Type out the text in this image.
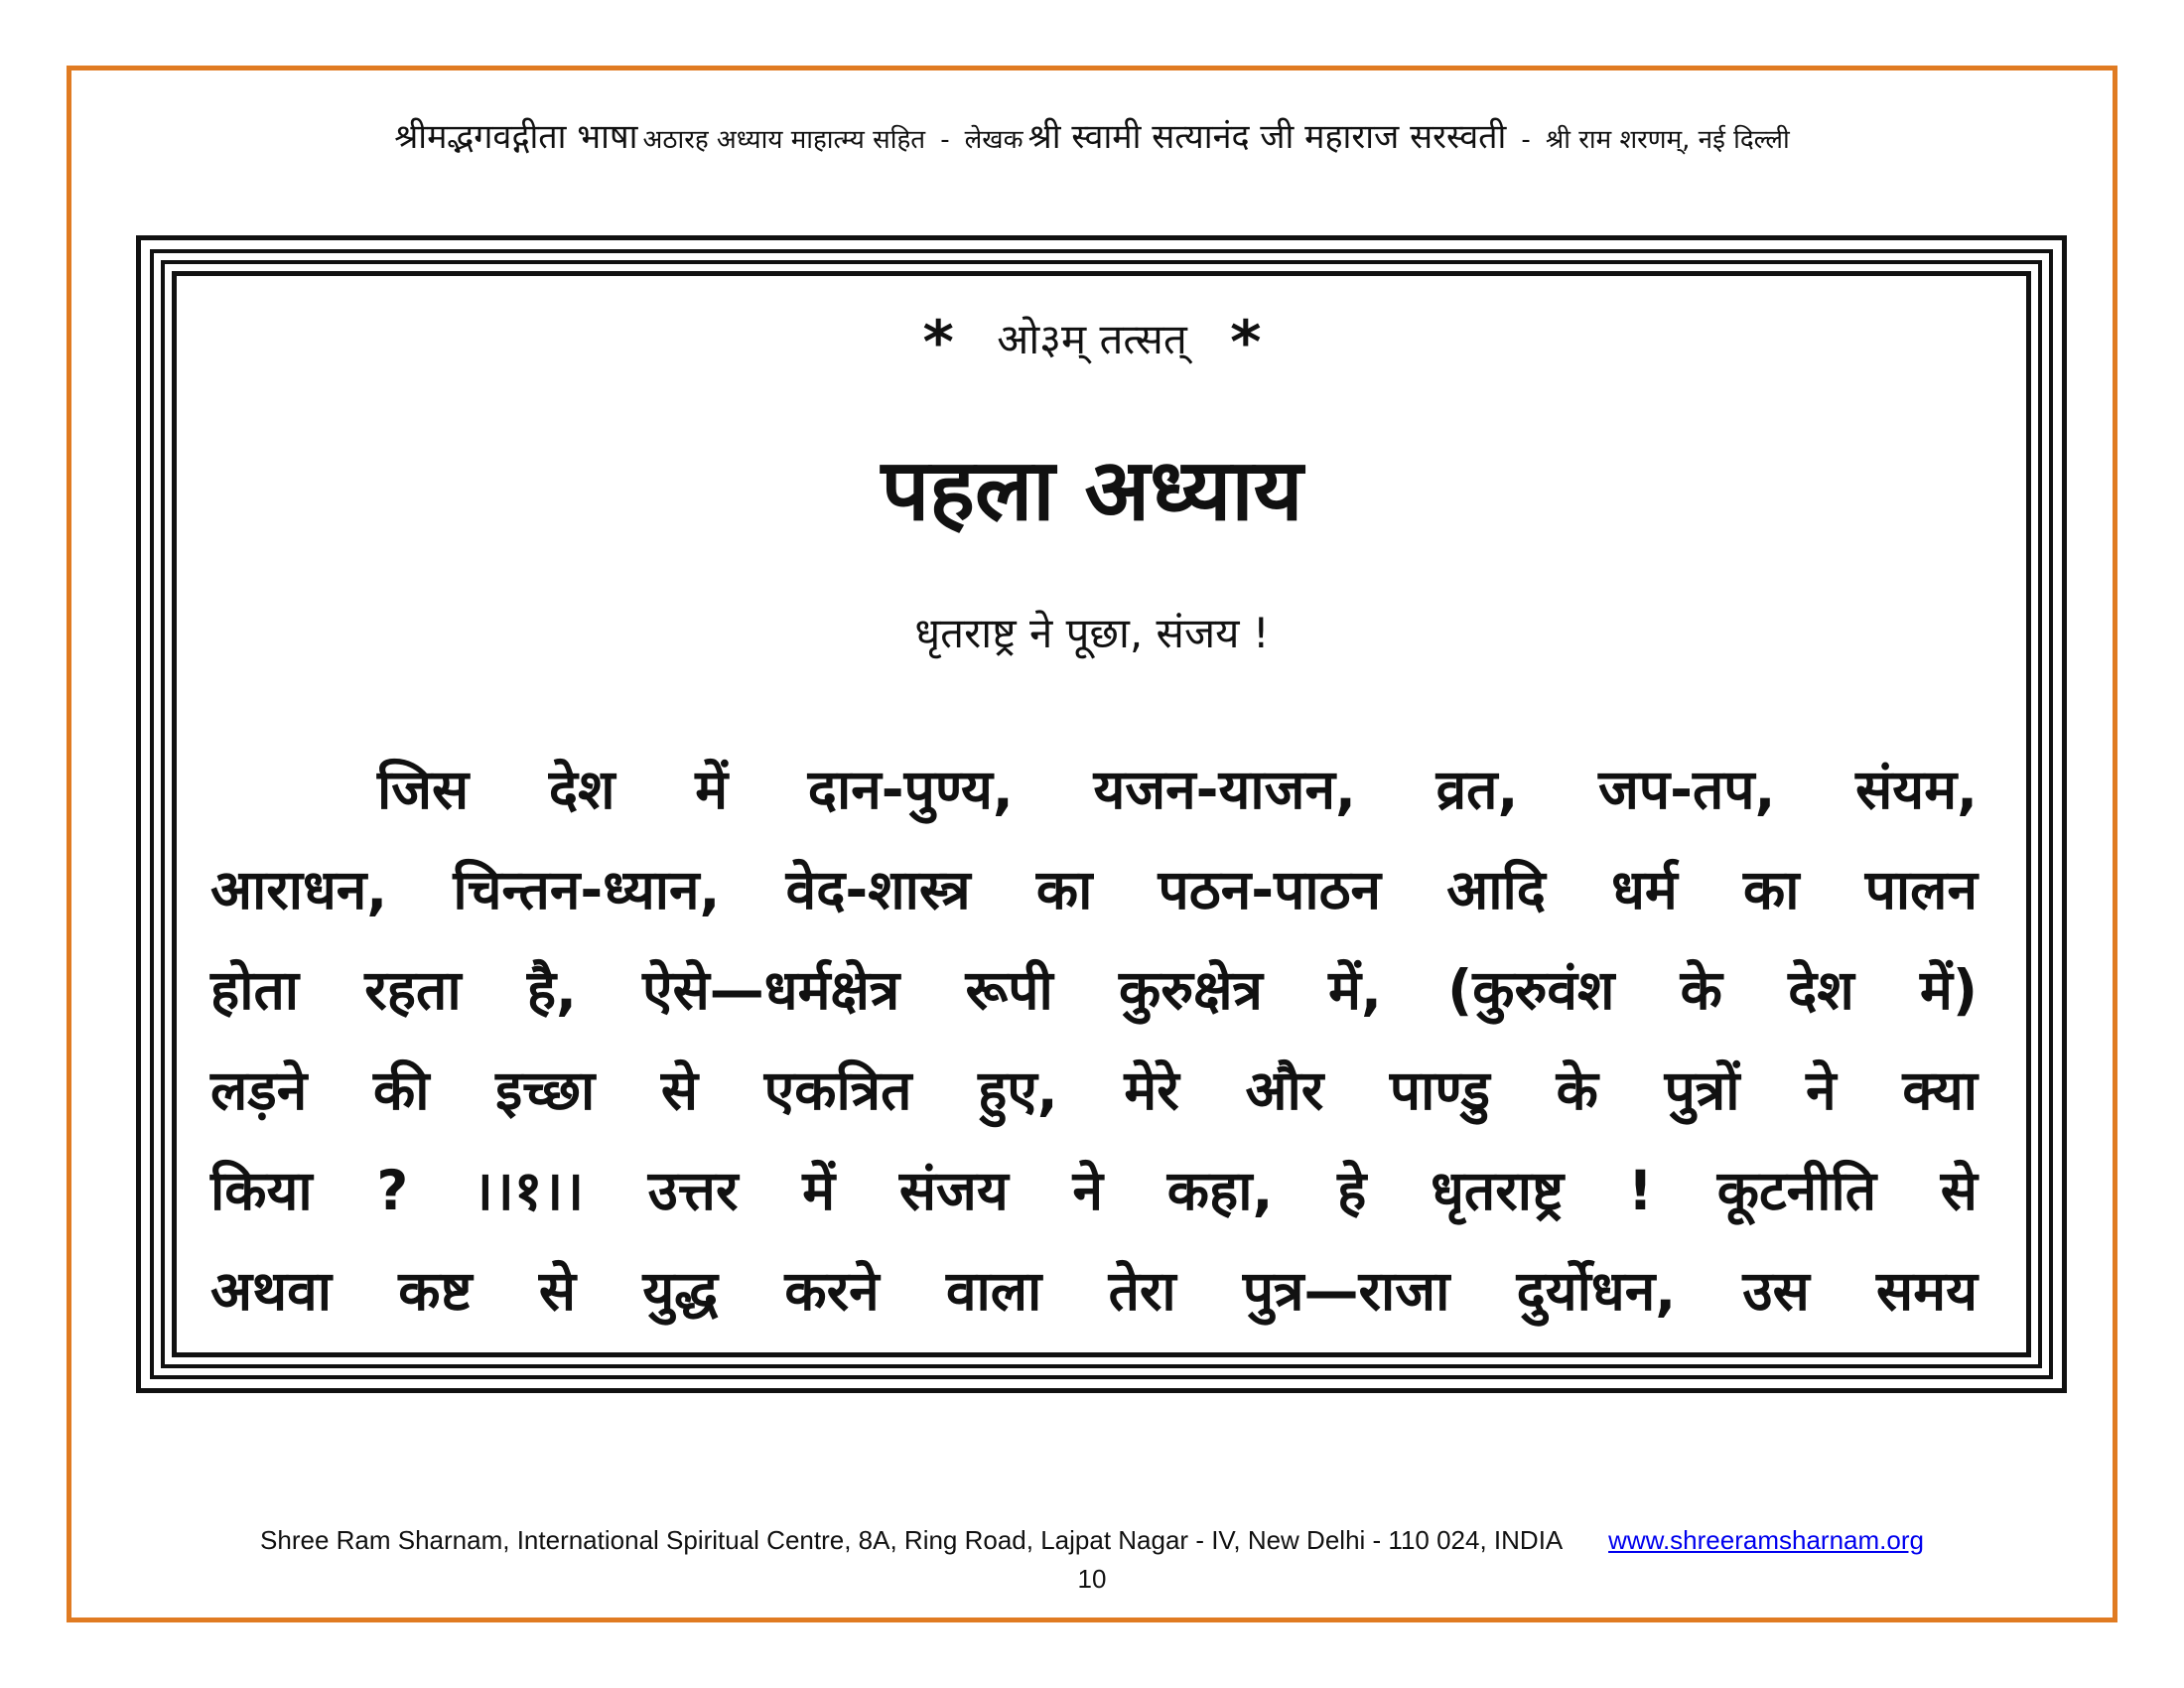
श्रीमद्भगवद्गीता भाषा अठारह अध्याय माहात्म्य सहित - लेखक श्री स्वामी सत्यानंद जी महाराज सरस्वती - श्री राम शरणम्, नई दिल्ली
* ओ३म् तत्सत् *
पहला अध्याय
धृतराष्ट्र ने पूछा, संजय !
जिस देश में दान-पुण्य, यजन-याजन, व्रत, जप-तप, संयम,
आराधन, चिन्तन-ध्यान, वेद-शास्त्र का पठन-पाठन आदि धर्म का पालन
होता रहता है, ऐसे—धर्मक्षेत्र रूपी कुरुक्षेत्र में, (कुरुवंश के देश में)
लड़ने की इच्छा से एकत्रित हुए, मेरे और पाण्डु के पुत्रों ने क्या
किया ? ।।१।। उत्तर में संजय ने कहा, हे धृतराष्ट्र ! कूटनीति से
अथवा कष्ट से युद्ध करने वाला तेरा पुत्र—राजा दुर्योधन, उस समय
Shree Ram Sharnam, International Spiritual Centre, 8A, Ring Road, Lajpat Nagar - IV, New Delhi - 110 024, INDIA www.shreeramsharnam.org
10
